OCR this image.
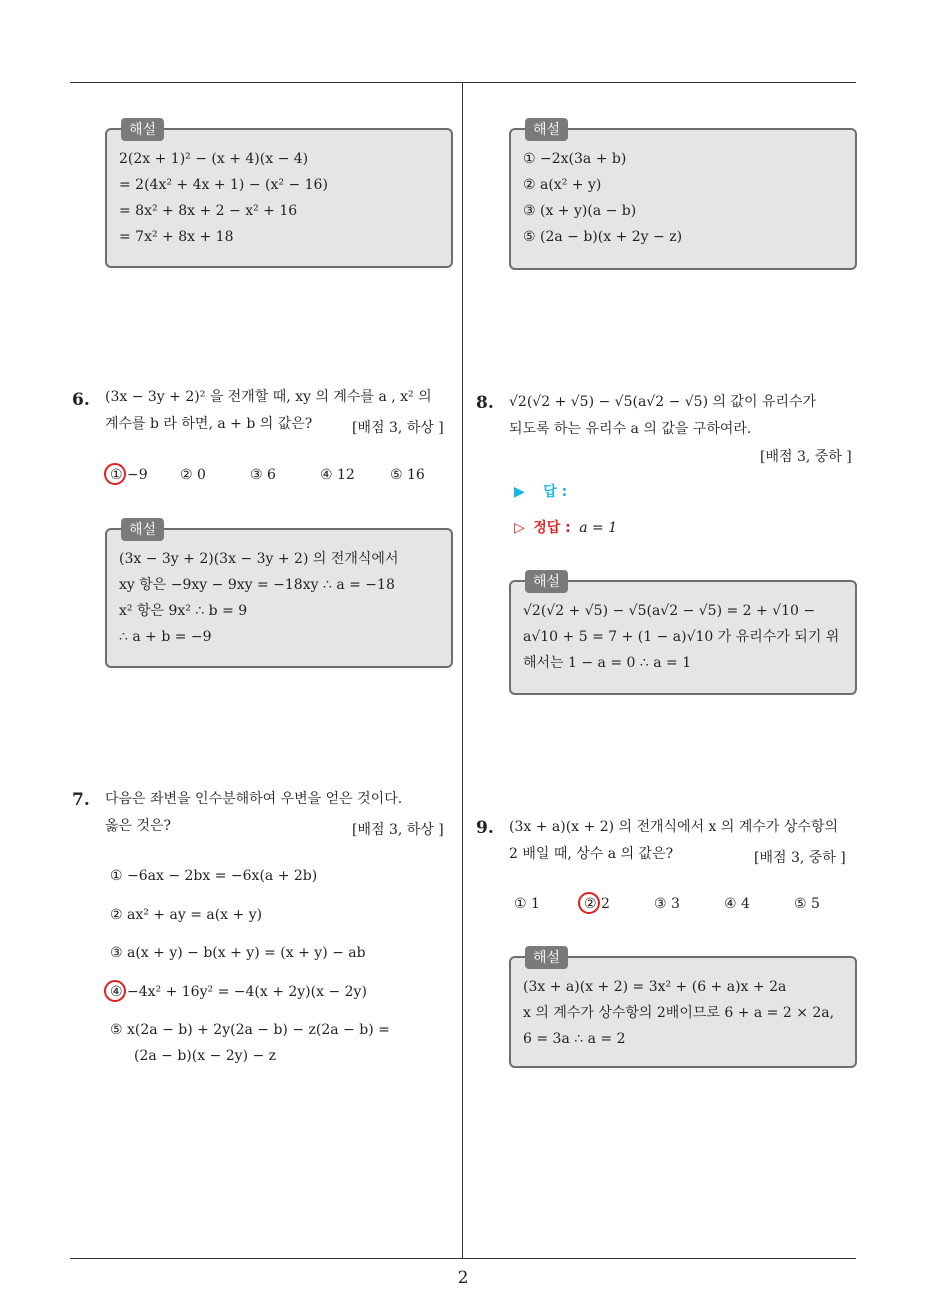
2
해설
2(2x + 1)² − (x + 4)(x − 4)
= 2(4x² + 4x + 1) − (x² − 16)
= 8x² + 8x + 2 − x² + 16
= 7x² + 8x + 18
해설
① −2x(3a + b)
② a(x² + y)
③ (x + y)(a − b)
⑤ (2a − b)(x + 2y − z)
6. (3x − 3y + 2)² 을 전개할 때, xy 의 계수를 a , x² 의
계수를 b 라 하면, a + b 의 값은?	[배점 3, 하상 ]
① −9 ② 0	③ 6	④ 12	⑤ 16
해설
(3x − 3y + 2)(3x − 3y + 2) 의 전개식에서
xy 항은 −9xy − 9xy = −18xy ∴ a = −18
x² 항은 9x² ∴ b = 9
∴ a + b = −9
7. 다음은 좌변을 인수분해하여 우변을 얻은 것이다.
옳은 것은?	[배점 3, 하상 ]
① −6ax − 2bx = −6x(a + 2b)
② ax² + ay = a(x + y)
③ a(x + y) − b(x + y) = (x + y) − ab
④ −4x² + 16y² = −4(x + 2y)(x − 2y)
⑤ x(2a − b) + 2y(2a − b) − z(2a − b) =
(2a − b)(x − 2y) − z
8. √2(√2 + √5) − √5(a√2 − √5) 의 값이 유리수가
되도록 하는 유리수 a 의 값을 구하여라.
[배점 3, 중하 ]
▶ 답 :
▷ 정답 : a = 1
해설
√2(√2 + √5) − √5(a√2 − √5) = 2 + √10 −
a√10 + 5 = 7 + (1 − a)√10 가 유리수가 되기 위
해서는 1 − a = 0 ∴ a = 1
9. (3x + a)(x + 2) 의 전개식에서 x 의 계수가 상수항의
2 배일 때, 상수 a 의 값은?	[배점 3, 중하 ]
① 1	② 2	③ 3	④ 4	⑤ 5
해설
(3x + a)(x + 2) = 3x² + (6 + a)x + 2a
x 의 계수가 상수항의 2배이므로 6 + a = 2 × 2a,
6 = 3a ∴ a = 2
